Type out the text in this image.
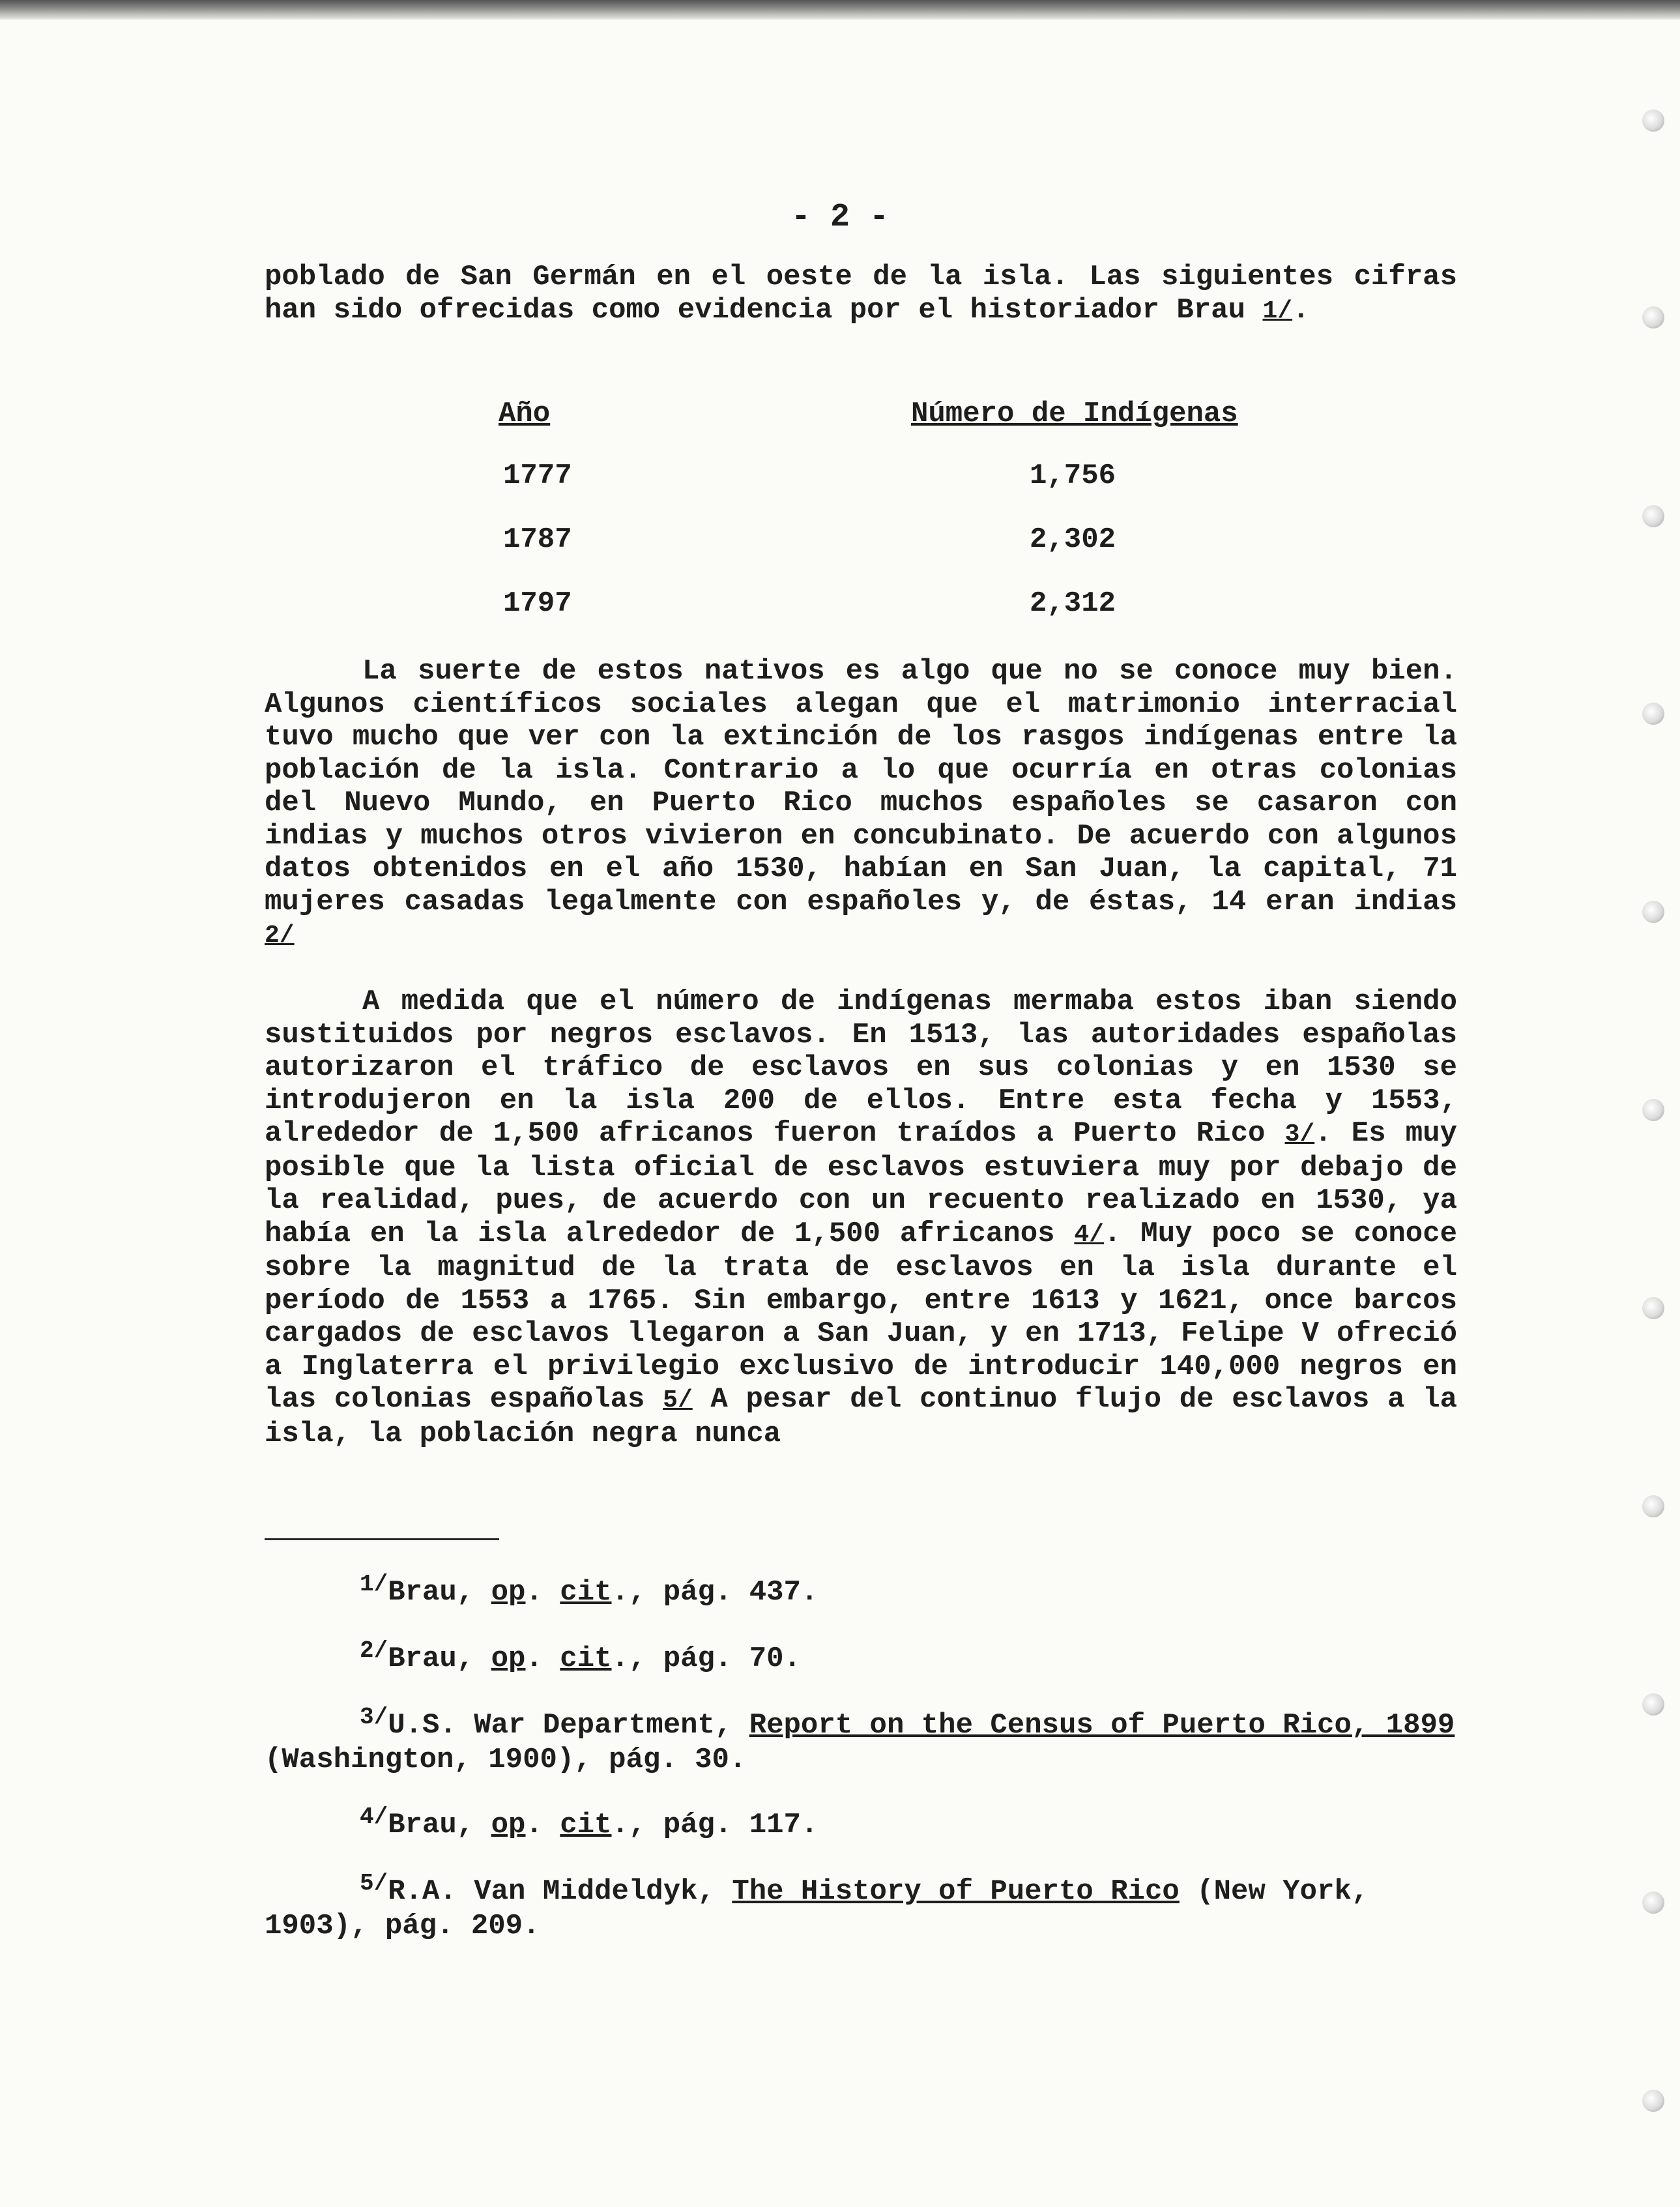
- 2 -

poblado de San Germán en el oeste de la isla. Las siguientes cifras han sido ofrecidas como evidencia por el historiador Brau 1/.

Año	Número de Indígenas
1777	1,756
1787	2,302
1797	2,312

La suerte de estos nativos es algo que no se conoce muy bien. Algunos científicos sociales alegan que el matrimonio interracial tuvo mucho que ver con la extinción de los rasgos indígenas entre la población de la isla. Contrario a lo que ocurría en otras colonias del Nuevo Mundo, en Puerto Rico muchos españoles se casaron con indias y muchos otros vivieron en concubinato. De acuerdo con algunos datos obtenidos en el año 1530, habían en San Juan, la capital, 71 mujeres casadas legalmente con españoles y, de éstas, 14 eran indias 2/

A medida que el número de indígenas mermaba estos iban siendo sustituidos por negros esclavos. En 1513, las autoridades españolas autorizaron el tráfico de esclavos en sus colonias y en 1530 se introdujeron en la isla 200 de ellos. Entre esta fecha y 1553, alrededor de 1,500 africanos fueron traídos a Puerto Rico 3/. Es muy posible que la lista oficial de esclavos estuviera muy por debajo de la realidad, pues, de acuerdo con un recuento realizado en 1530, ya había en la isla alrededor de 1,500 africanos 4/. Muy poco se conoce sobre la magnitud de la trata de esclavos en la isla durante el período de 1553 a 1765. Sin embargo, entre 1613 y 1621, once barcos cargados de esclavos llegaron a San Juan, y en 1713, Felipe V ofreció a Inglaterra el privilegio exclusivo de introducir 140,000 negros en las colonias españolas 5/ A pesar del continuo flujo de esclavos a la isla, la población negra nunca

$^{1/}$Brau, op. cit., pág. 437.

$^{2/}$Brau, op. cit., pág. 70.

$^{3/}$U.S. War Department, Report on the Census of Puerto Rico, 1899 (Washington, 1900), pág. 30.

$^{4/}$Brau, op. cit., pág. 117.

$^{5/}$R.A. Van Middeldyk, The History of Puerto Rico (New York, 1903), pág. 209.
